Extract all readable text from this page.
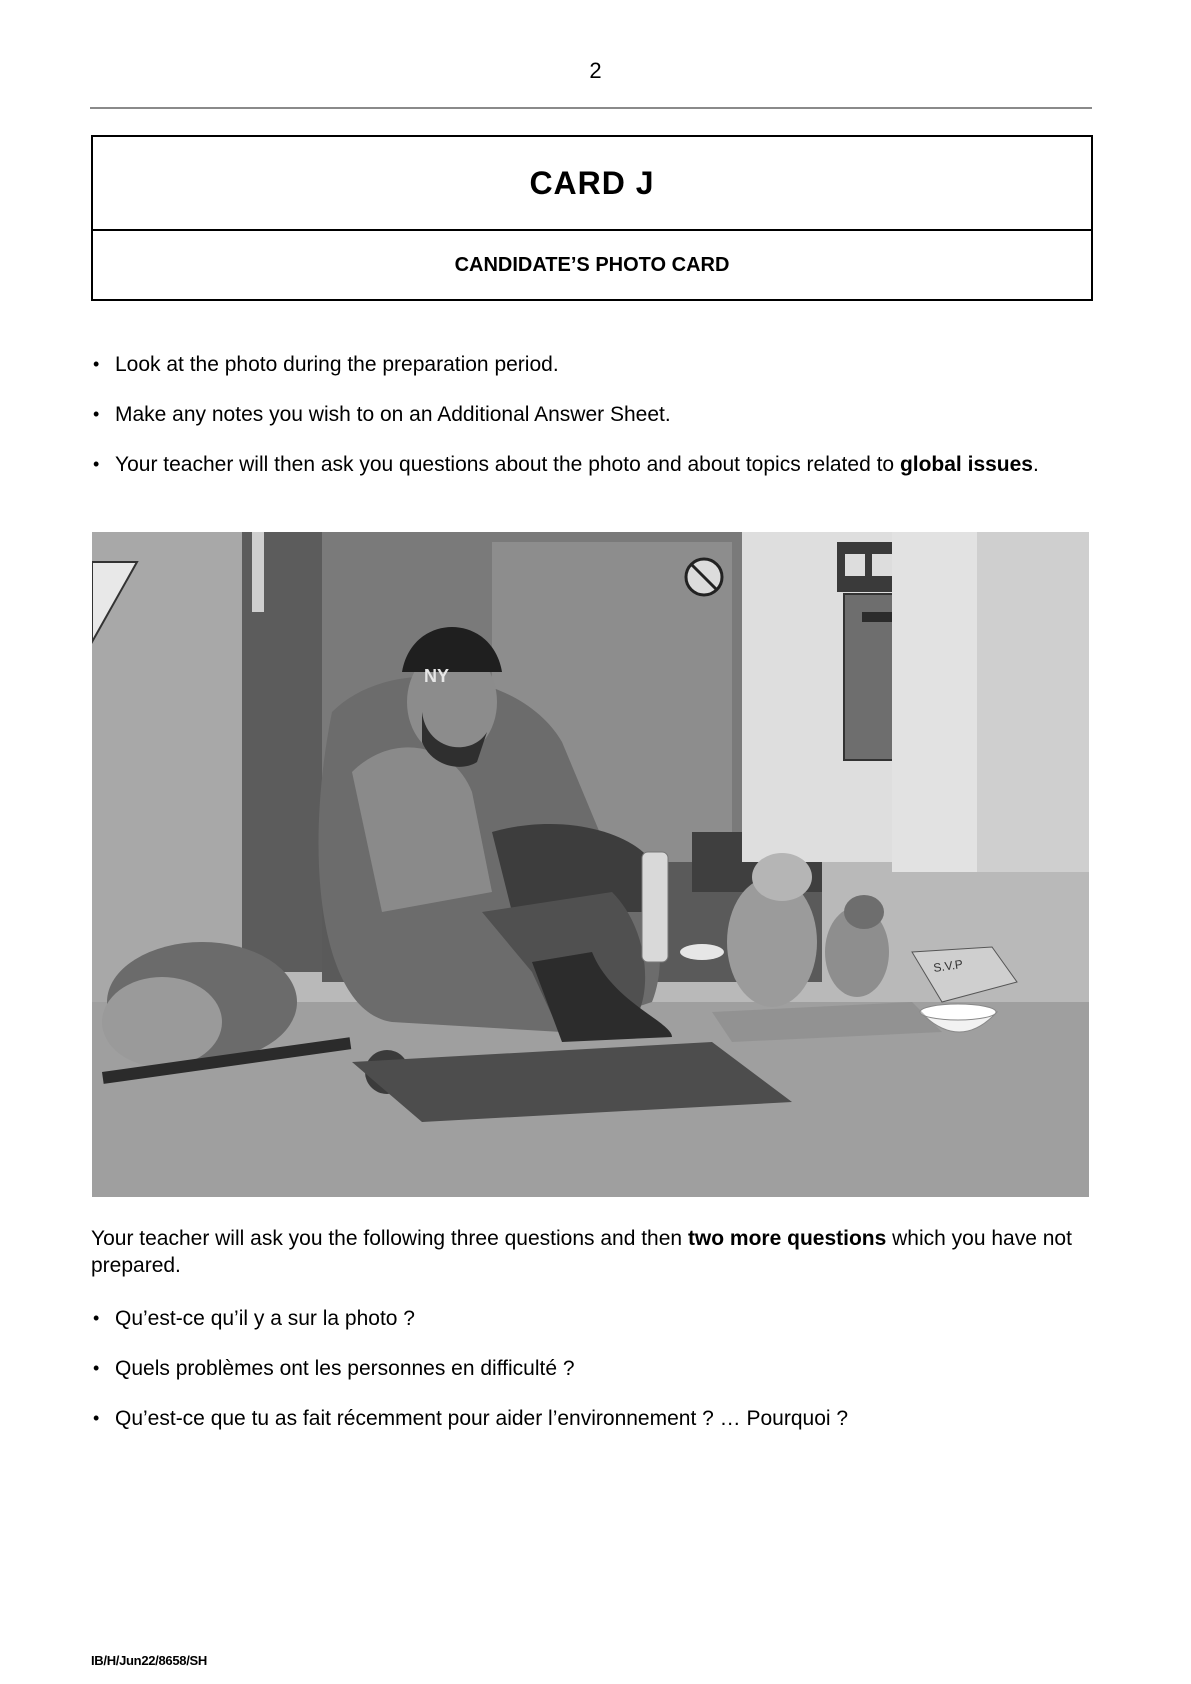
2
CARD J
CANDIDATE’S PHOTO CARD
• Look at the photo during the preparation period.
• Make any notes you wish to on an Additional Answer Sheet.
• Your teacher will then ask you questions about the photo and about topics related to global issues.
NY
S.V.P

Your teacher will ask you the following three questions and then two more questions which you have not prepared.

• Qu’est-ce qu’il y a sur la photo ?
• Quels problèmes ont les personnes en difficulté ?
• Qu’est-ce que tu as fait récemment pour aider l’environnement ? … Pourquoi ?
IB/H/Jun22/8658/SH
